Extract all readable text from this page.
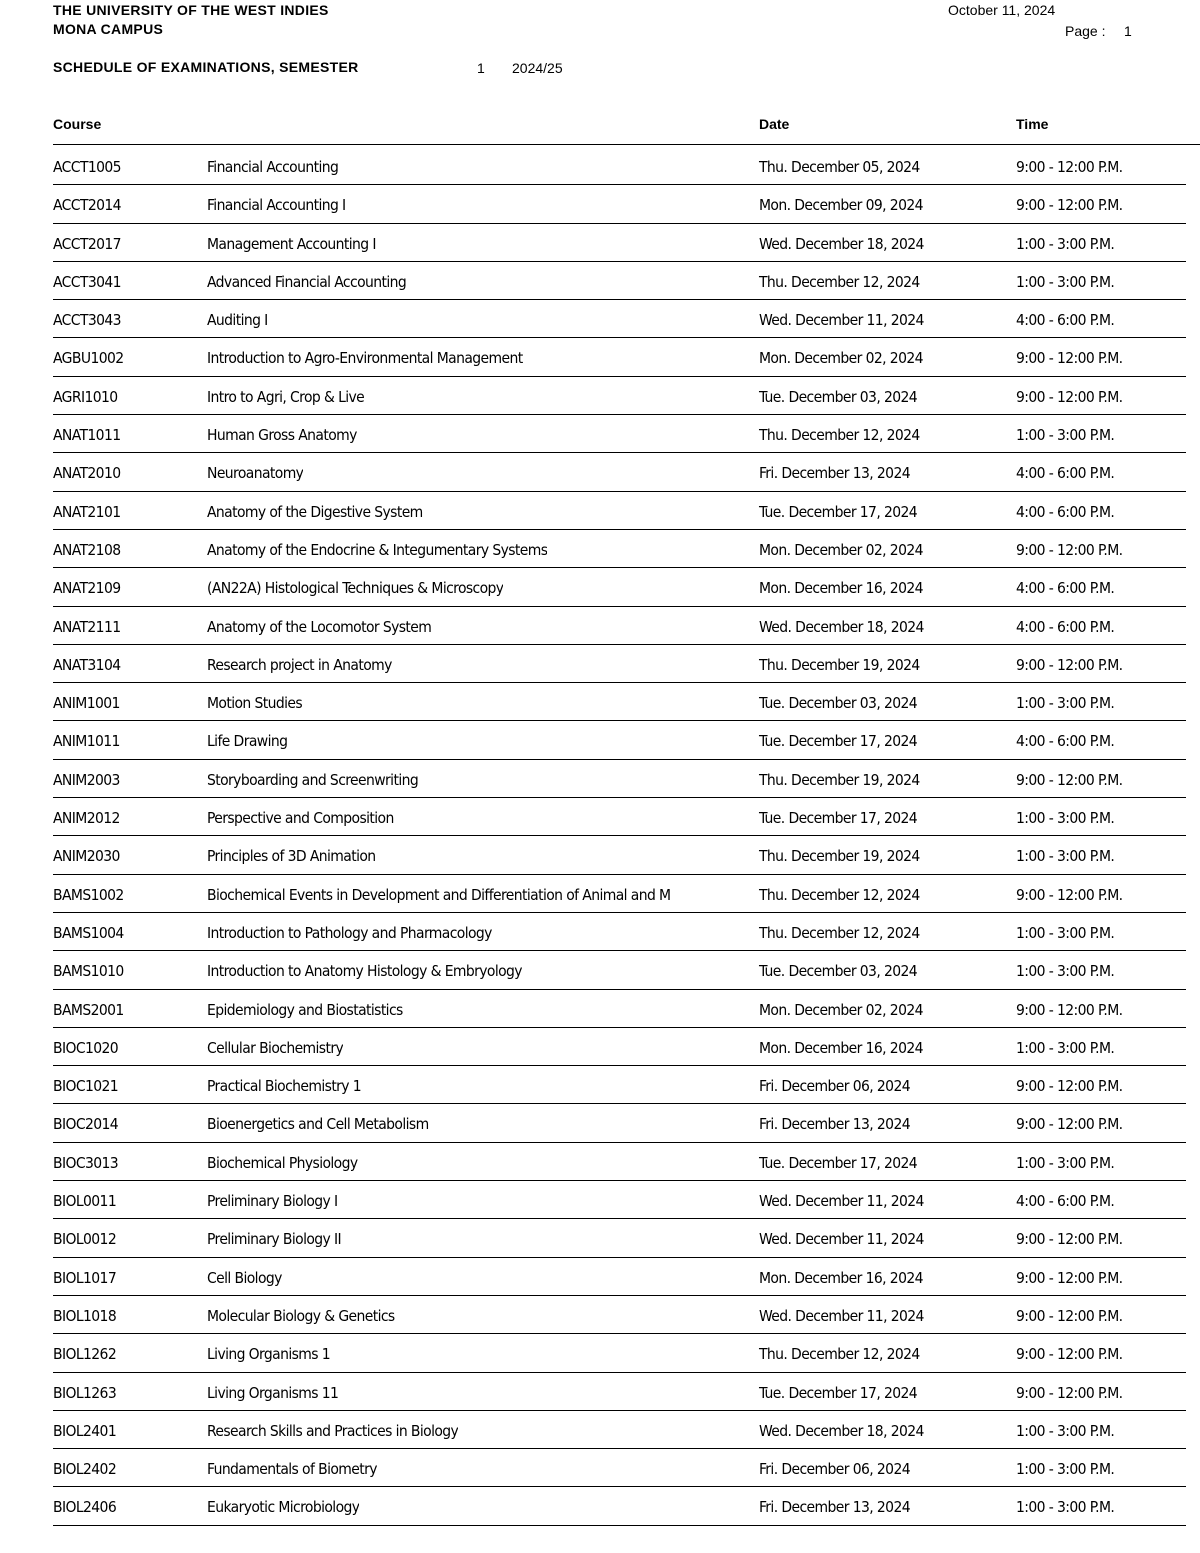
THE UNIVERSITY OF THE WEST INDIES
MONA CAMPUS
October 11, 2024
Page : 1
SCHEDULE OF EXAMINATIONS, SEMESTER	1 2024/25
Course	Date	Time
ACCT1005	Financial Accounting	Thu. December 05, 2024	9:00 - 12:00 P.M.
ACCT2014	Financial Accounting I	Mon. December 09, 2024	9:00 - 12:00 P.M.
ACCT2017	Management Accounting I	Wed. December 18, 2024	1:00 - 3:00 P.M.
ACCT3041	Advanced Financial Accounting	Thu. December 12, 2024	1:00 - 3:00 P.M.
ACCT3043	Auditing I	Wed. December 11, 2024	4:00 - 6:00 P.M.
AGBU1002	Introduction to Agro-Environmental Management	Mon. December 02, 2024	9:00 - 12:00 P.M.
AGRI1010	Intro to Agri, Crop & Live	Tue. December 03, 2024	9:00 - 12:00 P.M.
ANAT1011	Human Gross Anatomy	Thu. December 12, 2024	1:00 - 3:00 P.M.
ANAT2010	Neuroanatomy	Fri. December 13, 2024	4:00 - 6:00 P.M.
ANAT2101	Anatomy of the Digestive System	Tue. December 17, 2024	4:00 - 6:00 P.M.
ANAT2108	Anatomy of the Endocrine & Integumentary Systems	Mon. December 02, 2024	9:00 - 12:00 P.M.
ANAT2109	(AN22A) Histological Techniques & Microscopy	Mon. December 16, 2024	4:00 - 6:00 P.M.
ANAT2111	Anatomy of the Locomotor System	Wed. December 18, 2024	4:00 - 6:00 P.M.
ANAT3104	Research project in Anatomy	Thu. December 19, 2024	9:00 - 12:00 P.M.
ANIM1001	Motion Studies	Tue. December 03, 2024	1:00 - 3:00 P.M.
ANIM1011	Life Drawing	Tue. December 17, 2024	4:00 - 6:00 P.M.
ANIM2003	Storyboarding and Screenwriting	Thu. December 19, 2024	9:00 - 12:00 P.M.
ANIM2012	Perspective and Composition	Tue. December 17, 2024	1:00 - 3:00 P.M.
ANIM2030	Principles of 3D Animation	Thu. December 19, 2024	1:00 - 3:00 P.M.
BAMS1002	Biochemical Events in Development and Differentiation of Animal and M	Thu. December 12, 2024	9:00 - 12:00 P.M.
BAMS1004	Introduction to Pathology and Pharmacology	Thu. December 12, 2024	1:00 - 3:00 P.M.
BAMS1010	Introduction to Anatomy Histology & Embryology	Tue. December 03, 2024	1:00 - 3:00 P.M.
BAMS2001	Epidemiology and Biostatistics	Mon. December 02, 2024	9:00 - 12:00 P.M.
BIOC1020	Cellular Biochemistry	Mon. December 16, 2024	1:00 - 3:00 P.M.
BIOC1021	Practical Biochemistry 1	Fri. December 06, 2024	9:00 - 12:00 P.M.
BIOC2014	Bioenergetics and Cell Metabolism	Fri. December 13, 2024	9:00 - 12:00 P.M.
BIOC3013	Biochemical Physiology	Tue. December 17, 2024	1:00 - 3:00 P.M.
BIOL0011	Preliminary Biology I	Wed. December 11, 2024	4:00 - 6:00 P.M.
BIOL0012	Preliminary Biology II	Wed. December 11, 2024	9:00 - 12:00 P.M.
BIOL1017	Cell Biology	Mon. December 16, 2024	9:00 - 12:00 P.M.
BIOL1018	Molecular Biology & Genetics	Wed. December 11, 2024	9:00 - 12:00 P.M.
BIOL1262	Living Organisms 1	Thu. December 12, 2024	9:00 - 12:00 P.M.
BIOL1263	Living Organisms 11	Tue. December 17, 2024	9:00 - 12:00 P.M.
BIOL2401	Research Skills and Practices in Biology	Wed. December 18, 2024	1:00 - 3:00 P.M.
BIOL2402	Fundamentals of Biometry	Fri. December 06, 2024	1:00 - 3:00 P.M.
BIOL2406	Eukaryotic Microbiology	Fri. December 13, 2024	1:00 - 3:00 P.M.
